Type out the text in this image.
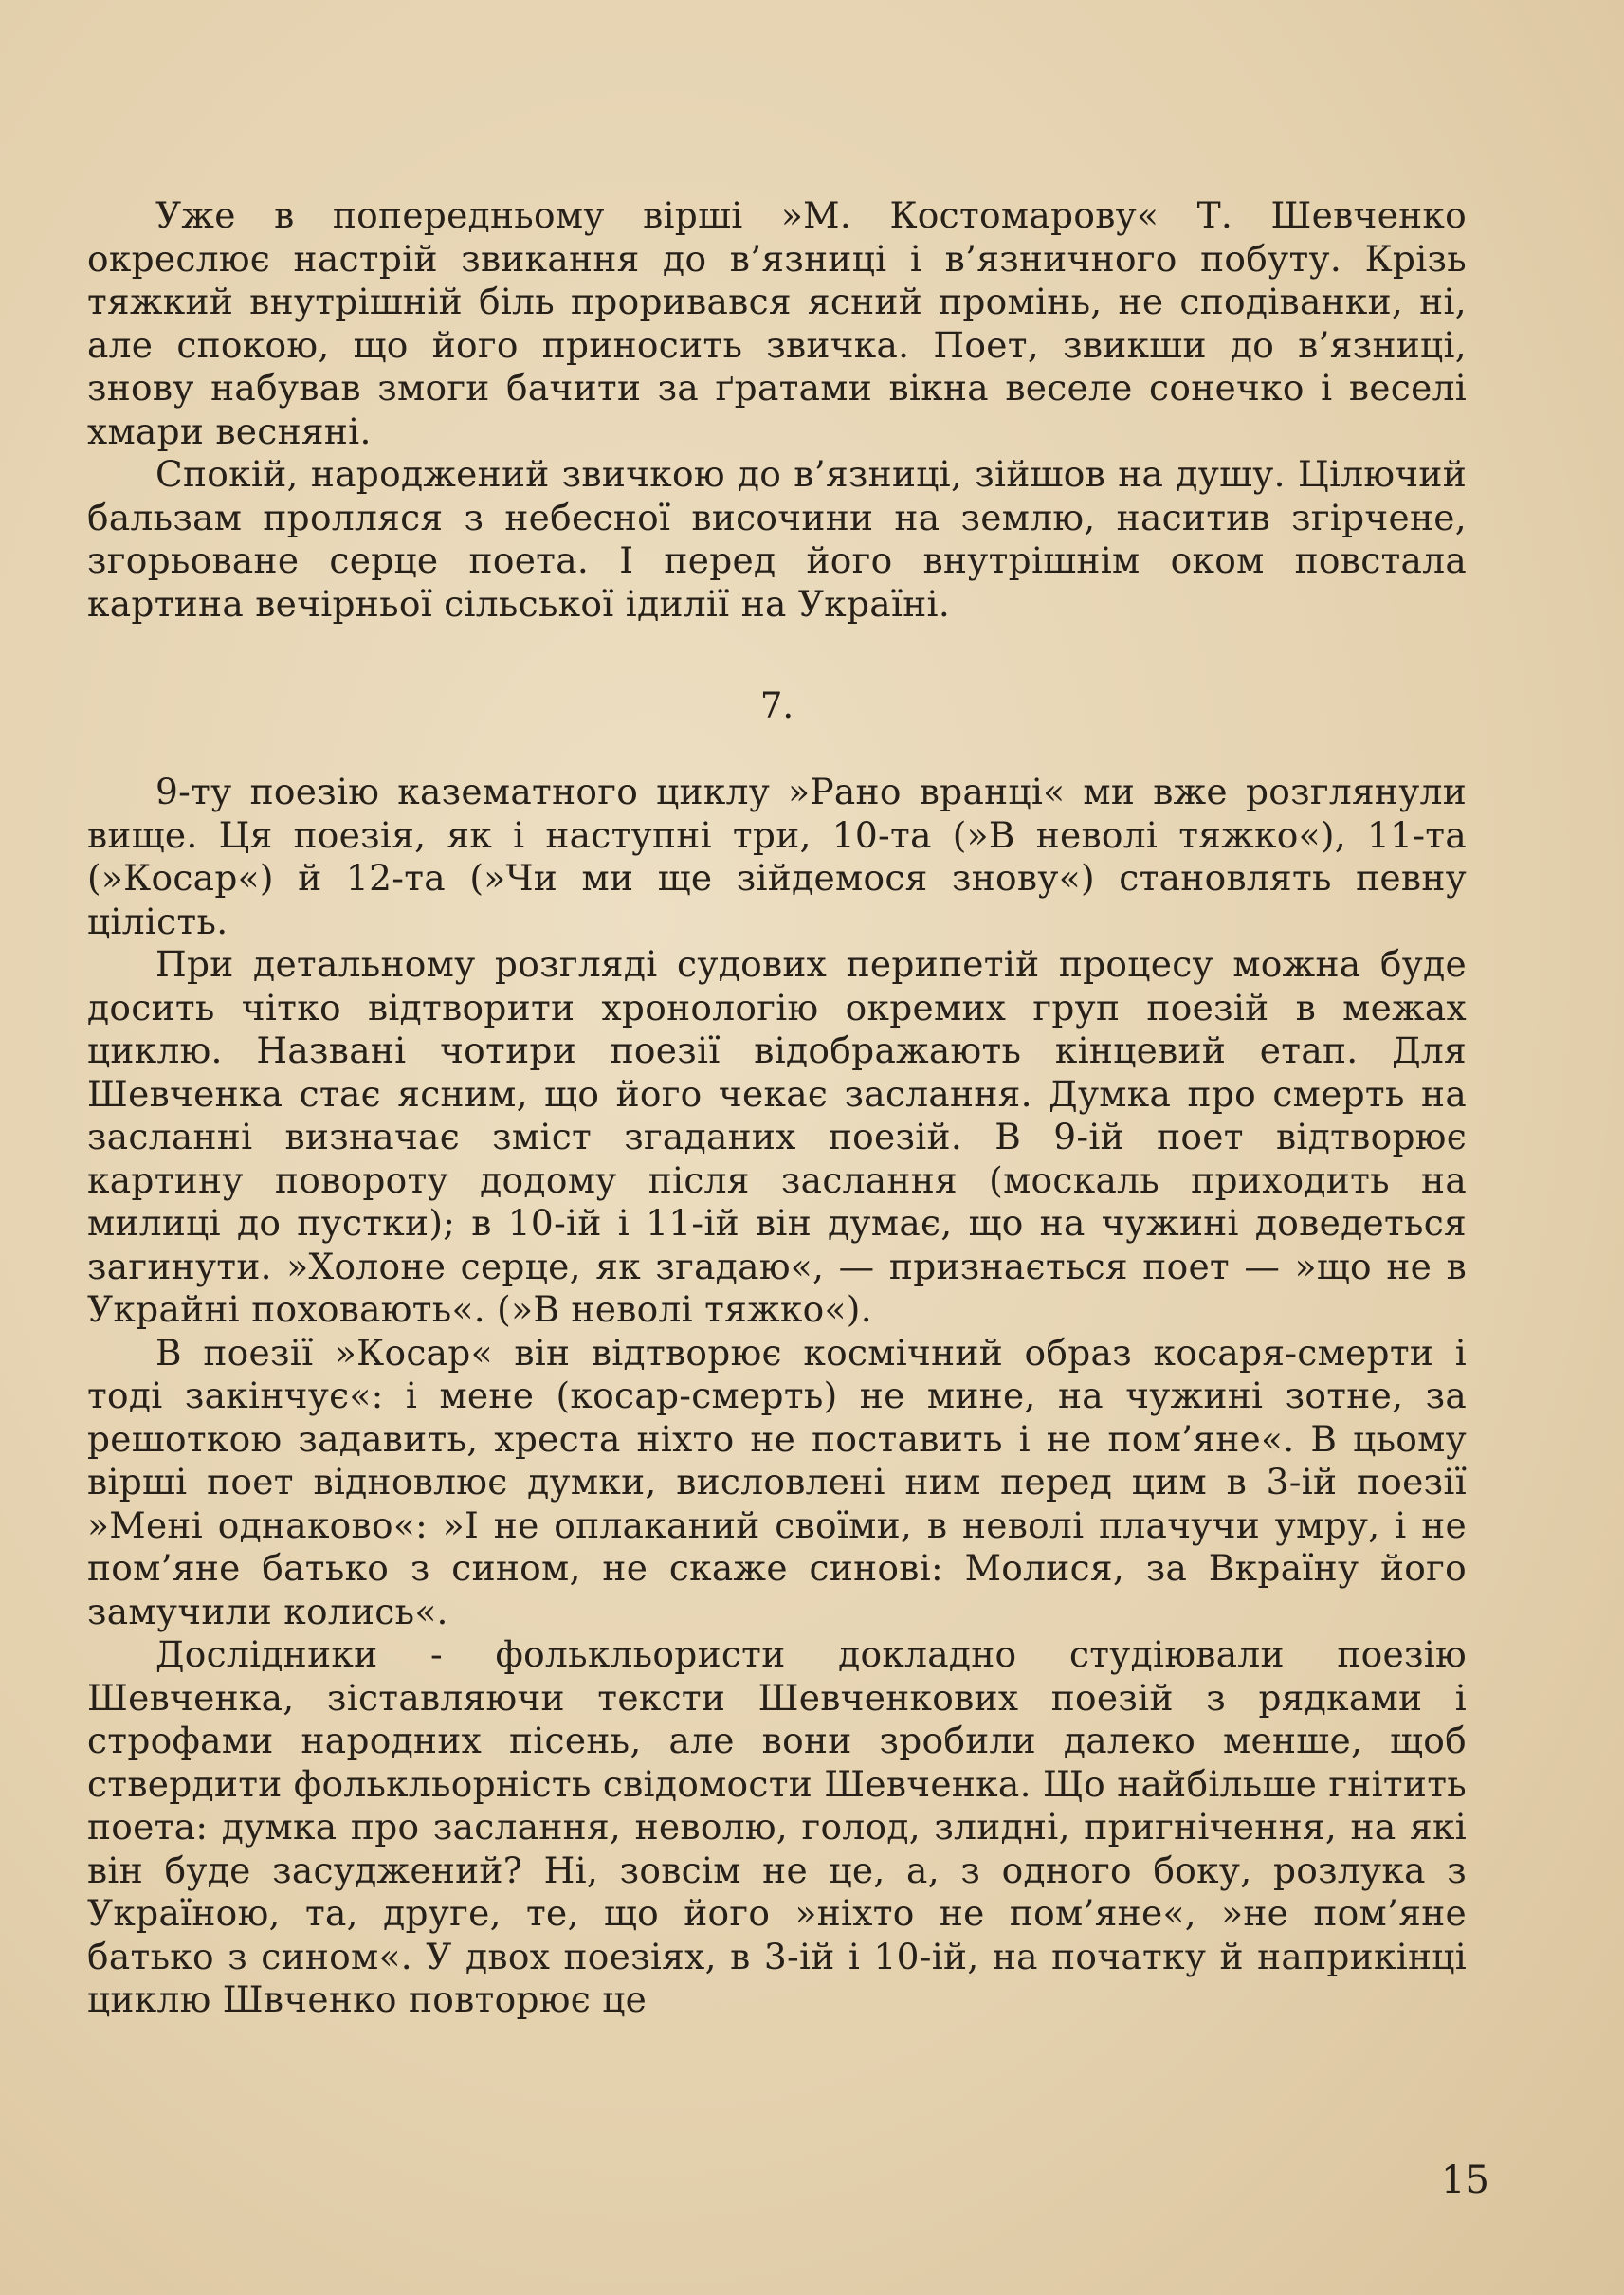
Уже в попередньому вірші »М. Костомарову« Т. Шевченко окреслює настрій звикання до в’язниці і в’язничного побуту. Крізь тяжкий внутрішній біль проривався ясний промінь, не сподіванки, ні, але спокою, що його приносить звичка. Поет, звикши до в’язниці, знову набував змоги бачити за ґратами вікна веселе сонечко і веселі хмари весняні.

Спокій, народжений звичкою до в’язниці, зійшов на душу. Цілючий бальзам пролляся з небесної височини на землю, наситив згірчене, згорьоване серце поета. І перед його внутрішнім оком повстала картина вечірньої сільської ідилії на Україні.

7.

9-ту поезію казематного циклу »Рано вранці« ми вже розглянули вище. Ця поезія, як і наступні три, 10-та (»В неволі тяжко«), 11-та (»Косар«) й 12-та (»Чи ми ще зійдемося знову«) становлять певну цілість.

При детальному розгляді судових перипетій процесу можна буде досить чітко відтворити хронологію окремих груп поезій в межах циклю. Названі чотири поезії відображають кінцевий етап. Для Шевченка стає ясним, що його чекає заслання. Думка про смерть на засланні визначає зміст згаданих поезій. В 9-ій поет відтворює картину повороту додому після заслання (москаль приходить на милиці до пустки); в 10-ій і 11-ій він думає, що на чужині доведеться загинути. »Холоне серце, як згадаю«, — признається поет — »що не в Украйні поховають«. (»В неволі тяжко«).

В поезії »Косар« він відтворює космічний образ косаря-смерти і тоді закінчує«: і мене (косар-смерть) не мине, на чужині зотне, за решоткою задавить, хреста ніхто не поставить і не пом’яне«. В цьому вірші поет відновлює думки, висловлені ним перед цим в 3-ій поезії »Мені однаково«: »І не оплаканий своїми, в неволі плачучи умру, і не пом’яне батько з сином, не скаже синові: Молися, за Вкраїну його замучили колись«.

Дослідники - фолькльористи докладно студіювали поезію Шевченка, зіставляючи тексти Шевченкових поезій з рядками і строфами народних пісень, але вони зробили далеко менше, щоб ствердити фолькльорність свідомости Шевченка. Що найбільше гнітить поета: думка про заслання, неволю, голод, злидні, пригнічення, на які він буде засуджений? Ні, зовсім не це, а, з одного боку, розлука з Україною, та, друге, те, що його »ніхто не пом’яне«, »не пом’яне батько з сином«. У двох поезіях, в 3-ій і 10-ій, на початку й наприкінці циклю Швченко повторює це

15
